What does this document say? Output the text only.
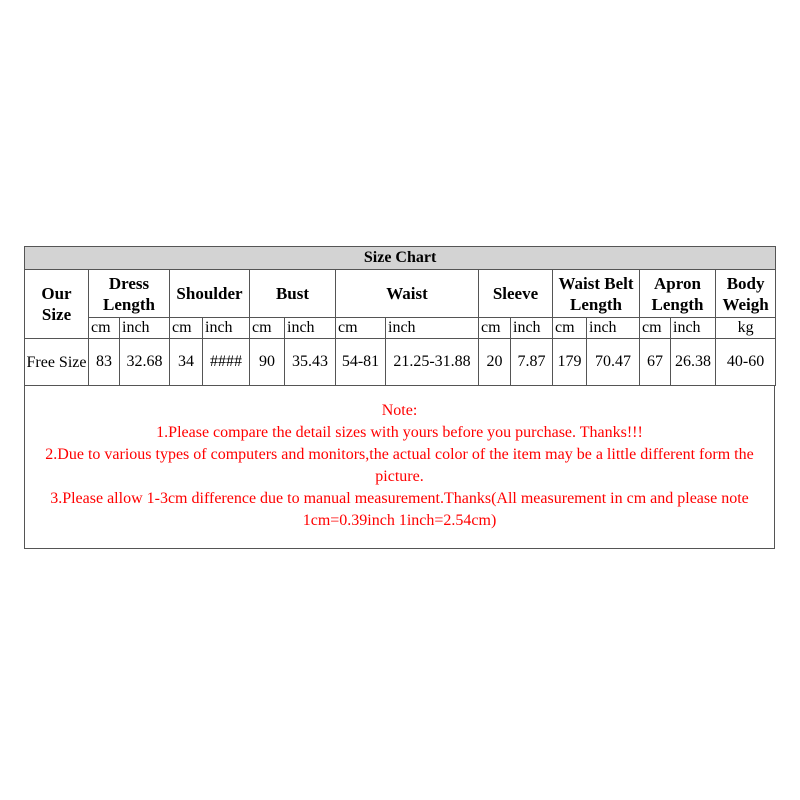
Size Chart															
Our Size	Dress Length		Shoulder		Bust		Waist		Sleeve		Waist Belt Length		Apron Length		Body Weigh
	cm	inch	cm	inch	cm	inch	cm	inch	cm	inch	cm	inch	cm	inch	kg
Free Size	83	32.68	34	####	90	35.43	54-81	21.25-31.88	20	7.87	179	70.47	67	26.38	40-60

Note:

1.Please compare the detail sizes with yours before you purchase. Thanks!!!

2.Due to various types of computers and monitors,the actual color of the item may be a little different form the picture.

3.Please allow 1-3cm difference due to manual measurement.Thanks(All measurement in cm and please note 1cm=0.39inch 1inch=2.54cm)
